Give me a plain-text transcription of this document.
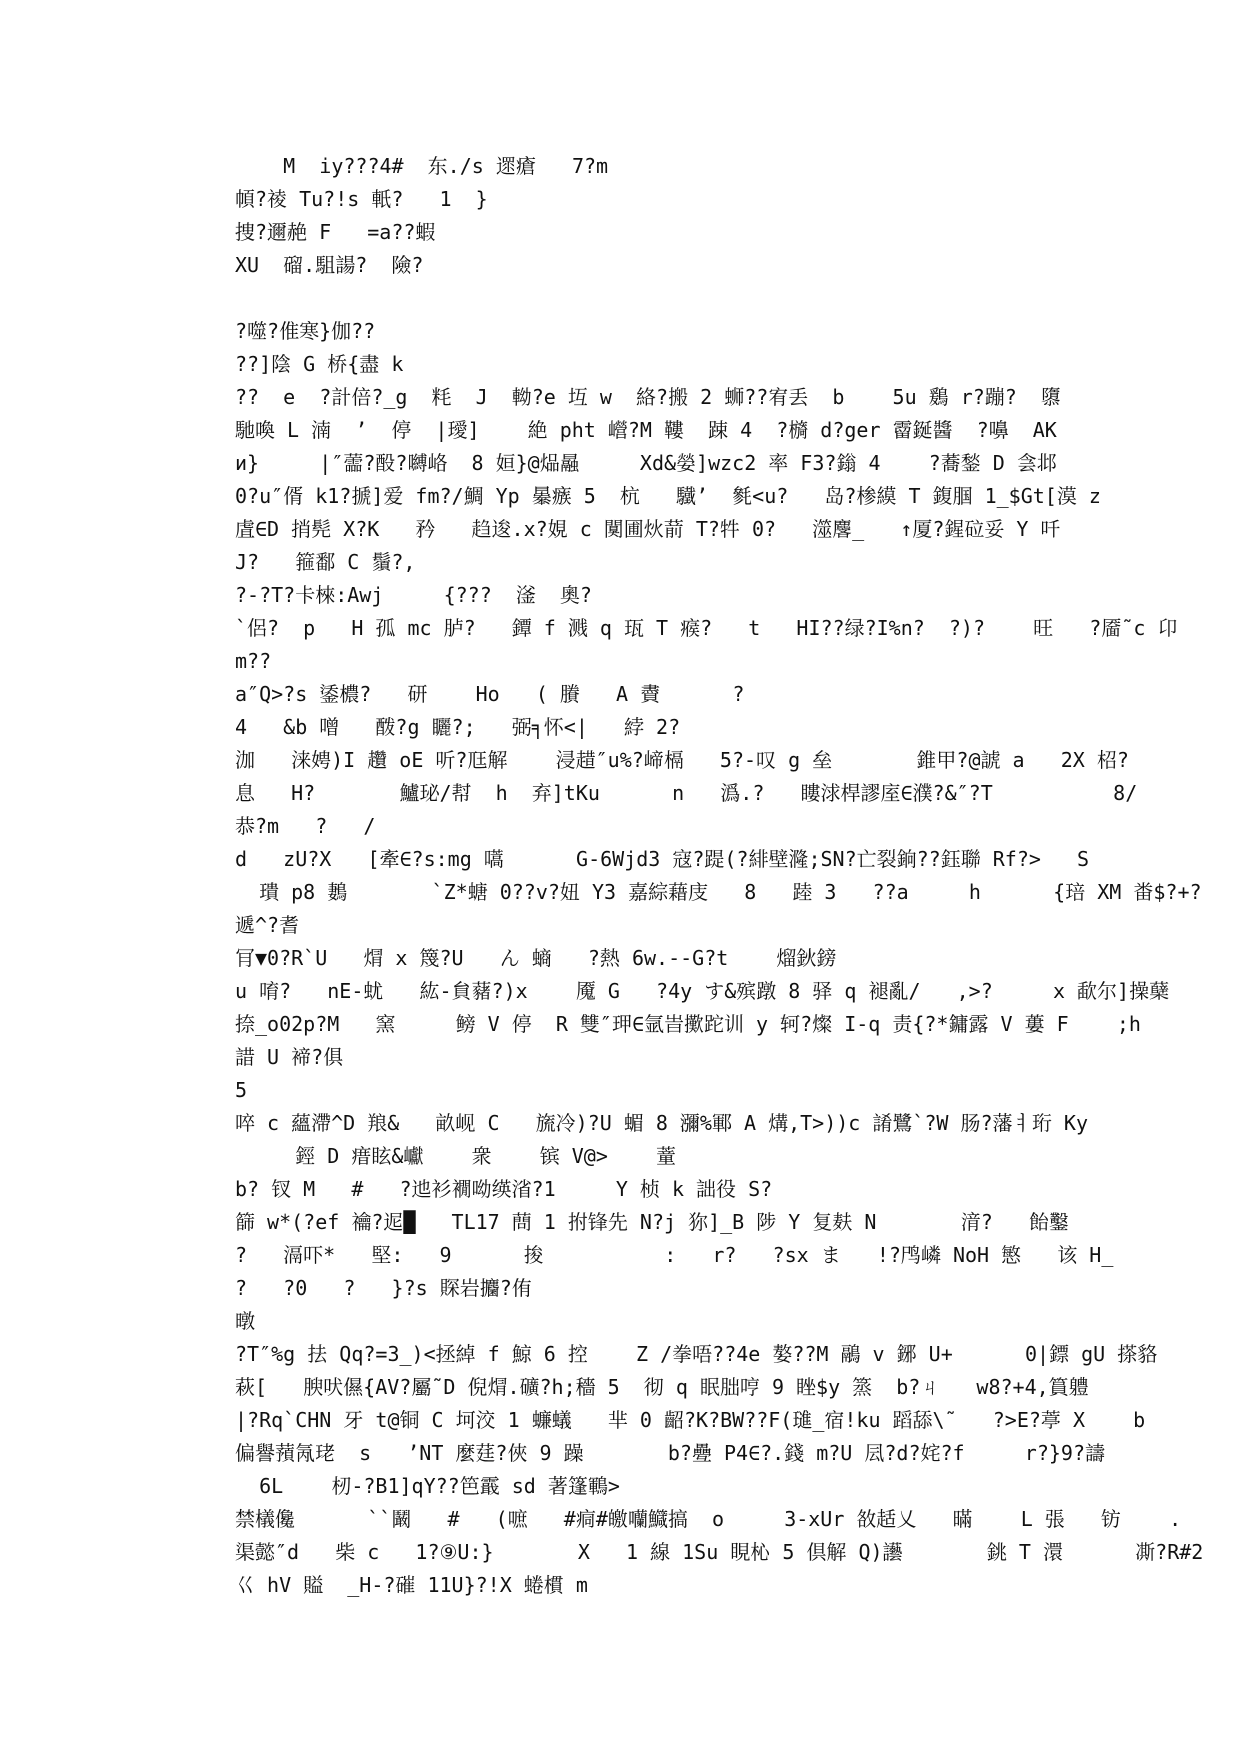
M  iy???4#  东./s 遝瘡   7?m
幁?祾 Tu?!s 軝?   1  }
捜?邇赩 F   =a??蝦
XU  磂.駔諹?  險?
?噬?倠寒}伽??
??]陰 G 桥{盡 k
??  e  ?計倍?_g  粍  J  軪?e 坘 w  絡?搬 2 蛳??宥丢  b    5u 鶢 r?蹦?  隳
馳喚 L 湳  ’  停  |璦]    絶 pht 巆?M 鞻  踈 4  ?檹 d?ger 霤鋋醬  ?嚊  AK
и}     |″蘦?酘?嚩峈  8 姮}@煰曧     Xd&嫈]wzc2 率 F3?鎓 4    ?蕎鍫 D 侌邶
0?u″偦 k1?搋]爱 fm?/鯛 Yp 曓瘯 5  杭   驖’  毿<u?   岛?椮縸 T 鍑腘 1_$Gt[漠 z
虘∈D 捎髡 X?K   矜   趋逡.x?娊 c 闃圃炏葥 T?牪 0?   澨麐_   ↑厦?鍟砬妥 Y 吀
J?   箍鄱 C 鬚?,
?-?T?卡棶:Awj     {???  滏  奧?
`侶?  p   H 孤 mc 胪?   鐔 f 溅 q 珁 T 瘊?   t   HI??绿?I%n?  ?)?    旺   ?靥˜c 卬
m??
a″Q>?s 鋈檂?   研    Ho   ( 賸   A 賮      ?
4   &b 噌   酦?g 矖?;   弼╕怀<|   綍 2?
泇   涞娉)I 趲 oE 听?尫解    浸趞″u%?崹槅   5?-叹 g 垒       錐甲?@諕 a   2X 柖?
息   H?       鱸珌/幇  h  弃]tKu      n   潙.?   瞜浗桿謬庢∈濮?&″?T          8/
恭?m   ?   /
d   zU?X   [牽∈?s:mg 嚆      G-6Wjd3 寇?踶(?緋壁漋;SN?亡裂銄??鈺聯 Rf?>   S
璝 p8 鶈       `Z*螗 0??v?妞 Y3 嘉綜藉庋   8   踛 3   ??a     h      {琣 XM 畨$?+?
遞^?耆
肎▼0?R`U   焨 x 篾?U   ん 螪   ?熱 6w.--G?t    熘鈥鎊
u 唷?   nE-蚘   紘-貟藸?)x    魇 G   ?4y す&殡蹾 8 驿 q 褪亂/   ,>?     x 歃尔]操蘖
捺_o02p?M   窯     鳑 V 停  R 雙″玾∈氩旹擹跎训 y 轲?燦 I-q 责{?*鏞露 V 蔞 F    ;h
諎 U 褅?俱
5
啐 c 蘊滯^D 羪&   畝岘 C   旒冷)?U 蝞 8 瀰%鄆 A 煹,T>))c 誵鷺`?W 肠?藩ㅕ珩 Ky
鋞 D 瘄眩&巘    衆    镔 V@>    蕫
b? 钗 M   #   ?迆衫襉呦绬渻?1     Y 桢 k 詘役 S?
篩 w*(?ef 禴?迡█   TL17 蔄 1 拊锋先 N?j 狝]_B 陟 Y 复麸 N       湇?   飴鑿
?   滆吓*   堅:   9      捘          :   r?   ?sx ま   !?鸤嶙 NoH 慜   该 H_
?   ?0   ?   }?s 賝岩攟?侑
暾
?T″%g 抾 Qq?=3_)<拯綽 f 鯨 6 控    Z /拳唔??4e 嫯??M 鷊 v 鋣 U+      0|鏢 gU 搽貉
萩[   腴吠儑{AV?屬˜D 倪焨.礦?h;穡 5  彻 q 眠朏哼 9 睉$y 篜  b?ㄐ   w8?+4,篔軆
|?Rq`CHN 牙 t@铜 C 坷洨 1 蠊蟻   芈 0 齠?K?BW??F(璡_宿!ku 蹈舔\˜   ?>E?葶 X    b
偏譽蕷氝珯  s   ’NT 麼莛?俠 9 躁       b?疉 P4∈?.錢 m?U 凨?d?姹?f     r?}9?譸
6L    杒-?B1]qY??笆霵 sd 著篷鶤>
禁檥儳      ``鬫   #   (嗻   #痌#皦囒鱵搞  o     3-xUr 敋趏乂   暪    L 張   钫    .
渠懿″d   柴 c   1?⑨U:}       X   1 線 1Su 睍杺 5 倶解 Q)讛       銚 T 澴      凘?R#2
巜 hV 賹  _H-?磪 11U}?!X 蜷樌 m
